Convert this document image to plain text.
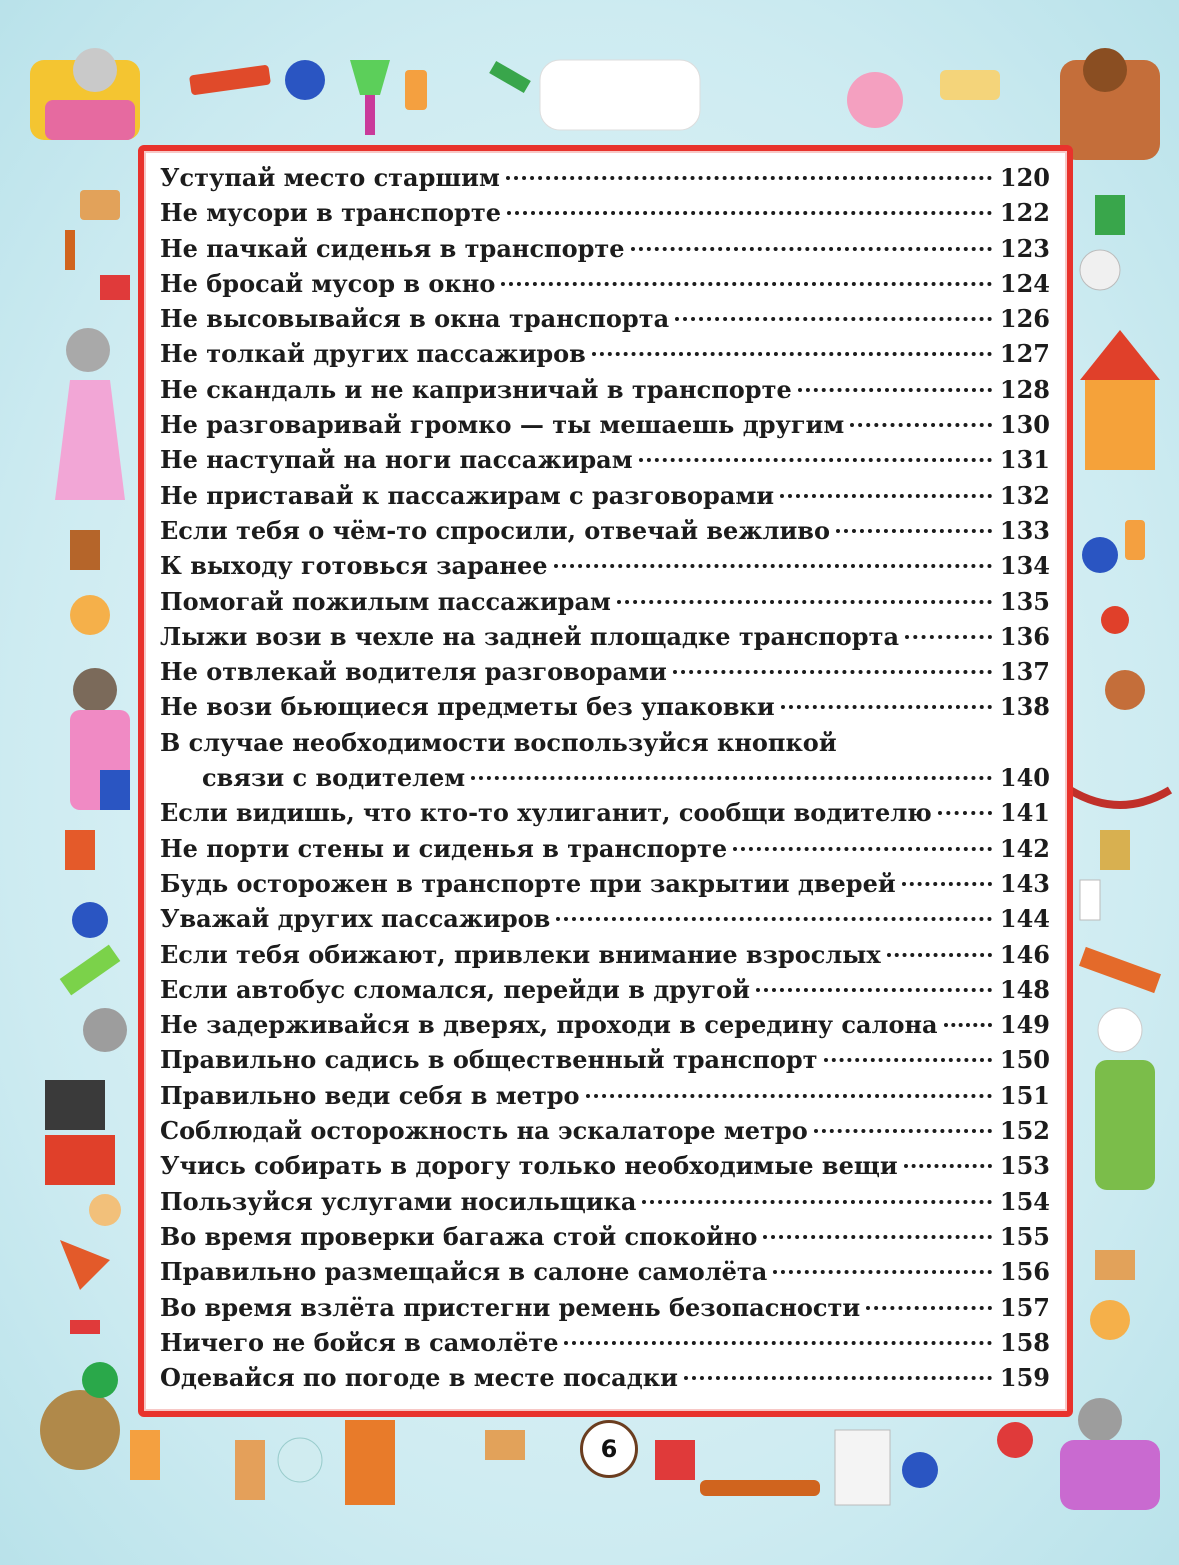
Уступай место старшим	120
Не мусори в транспорте	122
Не пачкай сиденья в транспорте	123
Не бросай мусор в окно	124
Не высовывайся в окна транспорта	126
Не толкай других пассажиров	127
Не скандаль и не капризничай в транспорте	128
Не разговаривай громко — ты мешаешь другим	130
Не наступай на ноги пассажирам	131
Не приставай к пассажирам с разговорами	132
Если тебя о чём-то спросили, отвечай вежливо	133
К выходу готовься заранее	134
Помогай пожилым пассажирам	135
Лыжи вози в чехле на задней площадке транспорта	136
Не отвлекай водителя разговорами	137
Не вози бьющиеся предметы без упаковки	138
В случае необходимости воспользуйся кнопкой
связи с водителем	140
Если видишь, что кто-то хулиганит, сообщи водителю	141
Не порти стены и сиденья в транспорте	142
Будь осторожен в транспорте при закрытии дверей	143
Уважай других пассажиров	144
Если тебя обижают, привлеки внимание взрослых	146
Если автобус сломался, перейди в другой	148
Не задерживайся в дверях, проходи в середину салона	149
Правильно садись в общественный транспорт	150
Правильно веди себя в метро	151
Соблюдай осторожность на эскалаторе метро	152
Учись собирать в дорогу только необходимые вещи	153
Пользуйся услугами носильщика	154
Во время проверки багажа стой спокойно	155
Правильно размещайся в салоне самолёта	156
Во время взлёта пристегни ремень безопасности	157
Ничего не бойся в самолёте	158
Одевайся по погоде в месте посадки	159
6
